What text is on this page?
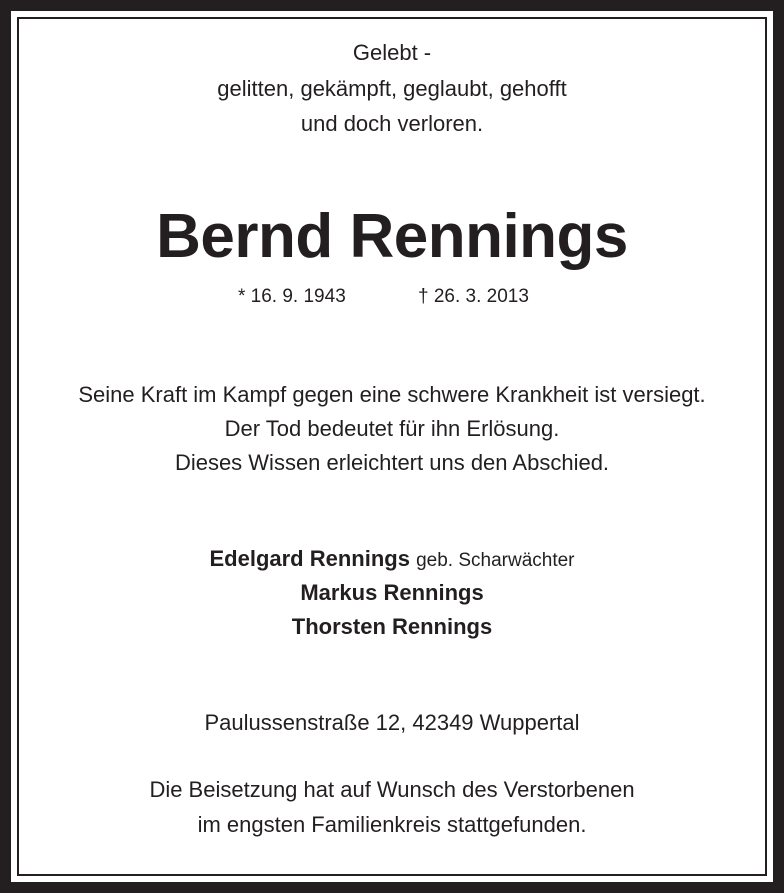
Gelebt -
gelitten, gekämpft, geglaubt, gehofft
und doch verloren.
Bernd Rennings
* 16. 9. 1943	† 26. 3. 2013
Seine Kraft im Kampf gegen eine schwere Krankheit ist versiegt.
Der Tod bedeutet für ihn Erlösung.
Dieses Wissen erleichtert uns den Abschied.
Edelgard Rennings geb. Scharwächter
Markus Rennings
Thorsten Rennings
Paulussenstraße 12, 42349 Wuppertal
Die Beisetzung hat auf Wunsch des Verstorbenen
im engsten Familienkreis stattgefunden.
